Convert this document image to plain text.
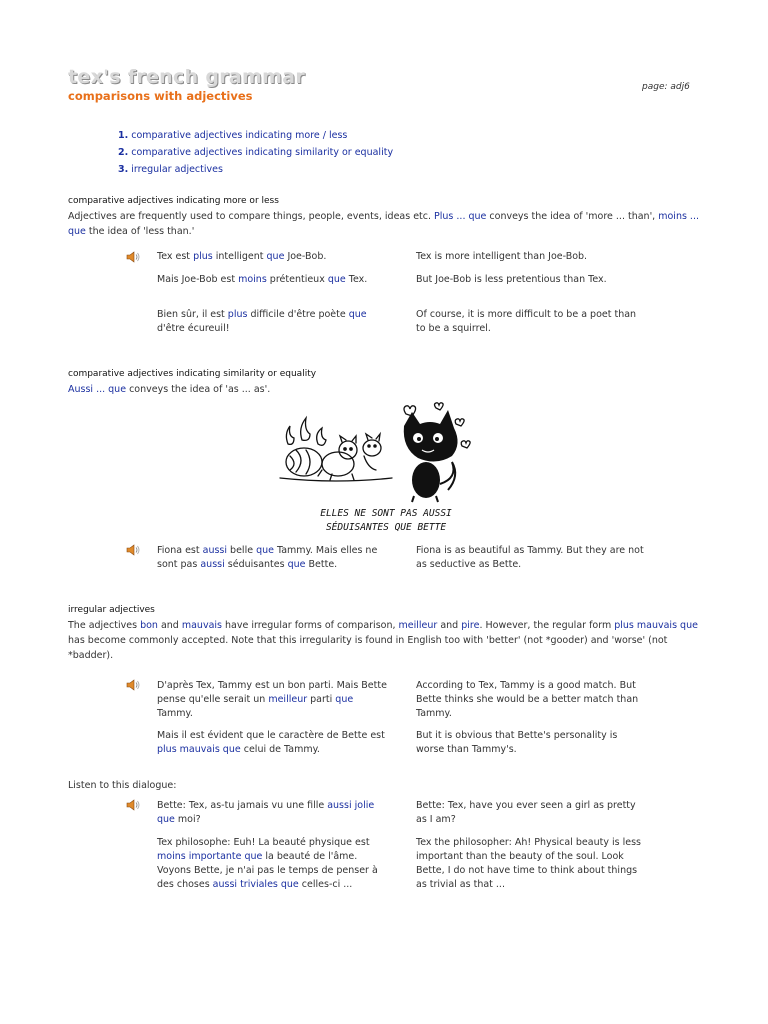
tex's french grammar
comparisons with adjectives
page: adj6
1. comparative adjectives indicating more / less
2. comparative adjectives indicating similarity or equality
3. irregular adjectives
comparative adjectives indicating more or less

Adjectives are frequently used to compare things, people, events, ideas etc. Plus ... que conveys the idea of 'more ... than', moins ... que the idea of 'less than.'

Tex est plus intelligent que Joe-Bob.	Tex is more intelligent than Joe-Bob.

Mais Joe-Bob est moins prétentieux que Tex.	But Joe-Bob is less pretentious than Tex.

Bien sûr, il est plus difficile d'être poète que d'être écureuil!

Of course, it is more difficult to be a poet than to be a squirrel.

comparative adjectives indicating similarity or equality

Aussi ... que conveys the idea of 'as ... as'.

ELLES NE SONT PAS AUSSI
SÉDUISANTES QUE BETTE

Fiona est aussi belle que Tammy. Mais elles ne sont pas aussi séduisantes que Bette.

Fiona is as beautiful as Tammy. But they are not as seductive as Bette.

irregular adjectives

The adjectives bon and mauvais have irregular forms of comparison, meilleur and pire. However, the regular form plus mauvais que has become commonly accepted. Note that this irregularity is found in English too with 'better' (not *gooder) and 'worse' (not *badder).

D'après Tex, Tammy est un bon parti. Mais Bette pense qu'elle serait un meilleur parti que Tammy.

According to Tex, Tammy is a good match. But Bette thinks she would be a better match than Tammy.

Mais il est évident que le caractère de Bette est plus mauvais que celui de Tammy.

But it is obvious that Bette's personality is worse than Tammy's.

Listen to this dialogue:

Bette: Tex, as-tu jamais vu une fille aussi jolie que moi?

Bette: Tex, have you ever seen a girl as pretty as I am?

Tex philosophe: Euh! La beauté physique est moins importante que la beauté de l'âme. Voyons Bette, je n'ai pas le temps de penser à des choses aussi triviales que celles-ci ...

Tex the philosopher: Ah! Physical beauty is less important than the beauty of the soul. Look Bette, I do not have time to think about things as trivial as that ...
